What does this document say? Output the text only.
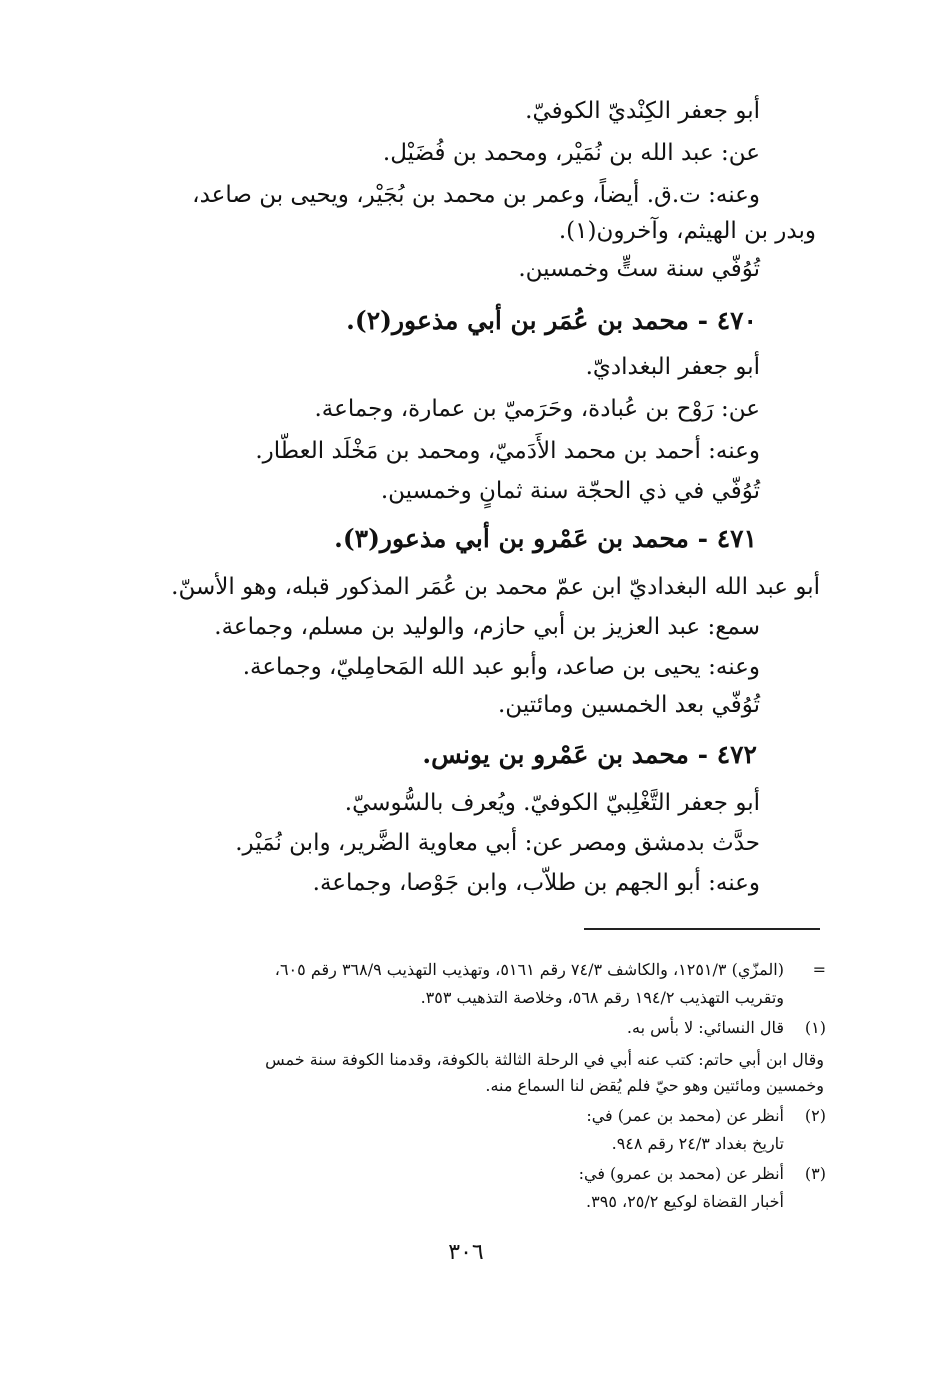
أبو جعفر الكِنْديّ الكوفيّ.
عن: عبد الله بن نُمَيْر، ومحمد بن فُضَيْل.
وعنه: ت.ق. أيضاً، وعمر بن محمد بن بُجَيْر، ويحيى بن صاعد،
وبدر بن الهيثم، وآخرون(١).
تُوُفّي سنة ستٍّ وخمسين.
٤٧٠ - محمد بن عُمَر بن أبي مذعور(٢).
أبو جعفر البغداديّ.
عن: رَوْح بن عُبادة، وحَرَميّ بن عمارة، وجماعة.
وعنه: أحمد بن محمد الأَدَميّ، ومحمد بن مَخْلَد العطّار.
تُوُفّي في ذي الحجّة سنة ثمانٍ وخمسين.
٤٧١ - محمد بن عَمْرو بن أبي مذعور(٣).
أبو عبد الله البغداديّ ابن عمّ محمد بن عُمَر المذكور قبله، وهو الأسنّ.
سمع: عبد العزيز بن أبي حازم، والوليد بن مسلم، وجماعة.
وعنه: يحيى بن صاعد، وأبو عبد الله المَحامِليّ، وجماعة.
تُوُفّي بعد الخمسين ومائتين.
٤٧٢ - محمد بن عَمْرو بن يونس.
أبو جعفر التَّغْلِبيّ الكوفيّ. ويُعرف بالسُّوسيّ.
حدَّث بدمشق ومصر عن: أبي معاوية الضَّرير، وابن نُمَيْر.
وعنه: أبو الجهم بن طلاّب، وابن جَوْصا، وجماعة.
=
(المزّي) ١٢٥١/٣، والكاشف ٧٤/٣ رقم ٥١٦١، وتهذيب التهذيب ٣٦٨/٩ رقم ٦٠٥،
وتقريب التهذيب ١٩٤/٢ رقم ٥٦٨، وخلاصة التذهيب ٣٥٣.
(١)
قال النسائي: لا بأس به.
وقال ابن أبي حاتم: كتب عنه أبي في الرحلة الثالثة بالكوفة، وقدمنا الكوفة سنة خمس
وخمسين ومائتين وهو حيّ فلم يُقض لنا السماع منه.
(٢)
أنظر عن (محمد بن عمر) في:
تاريخ بغداد ٢٤/٣ رقم ٩٤٨.
(٣)
أنظر عن (محمد بن عمرو) في:
أخبار القضاة لوكيع ٢٥/٢، ٣٩٥.
٣٠٦
